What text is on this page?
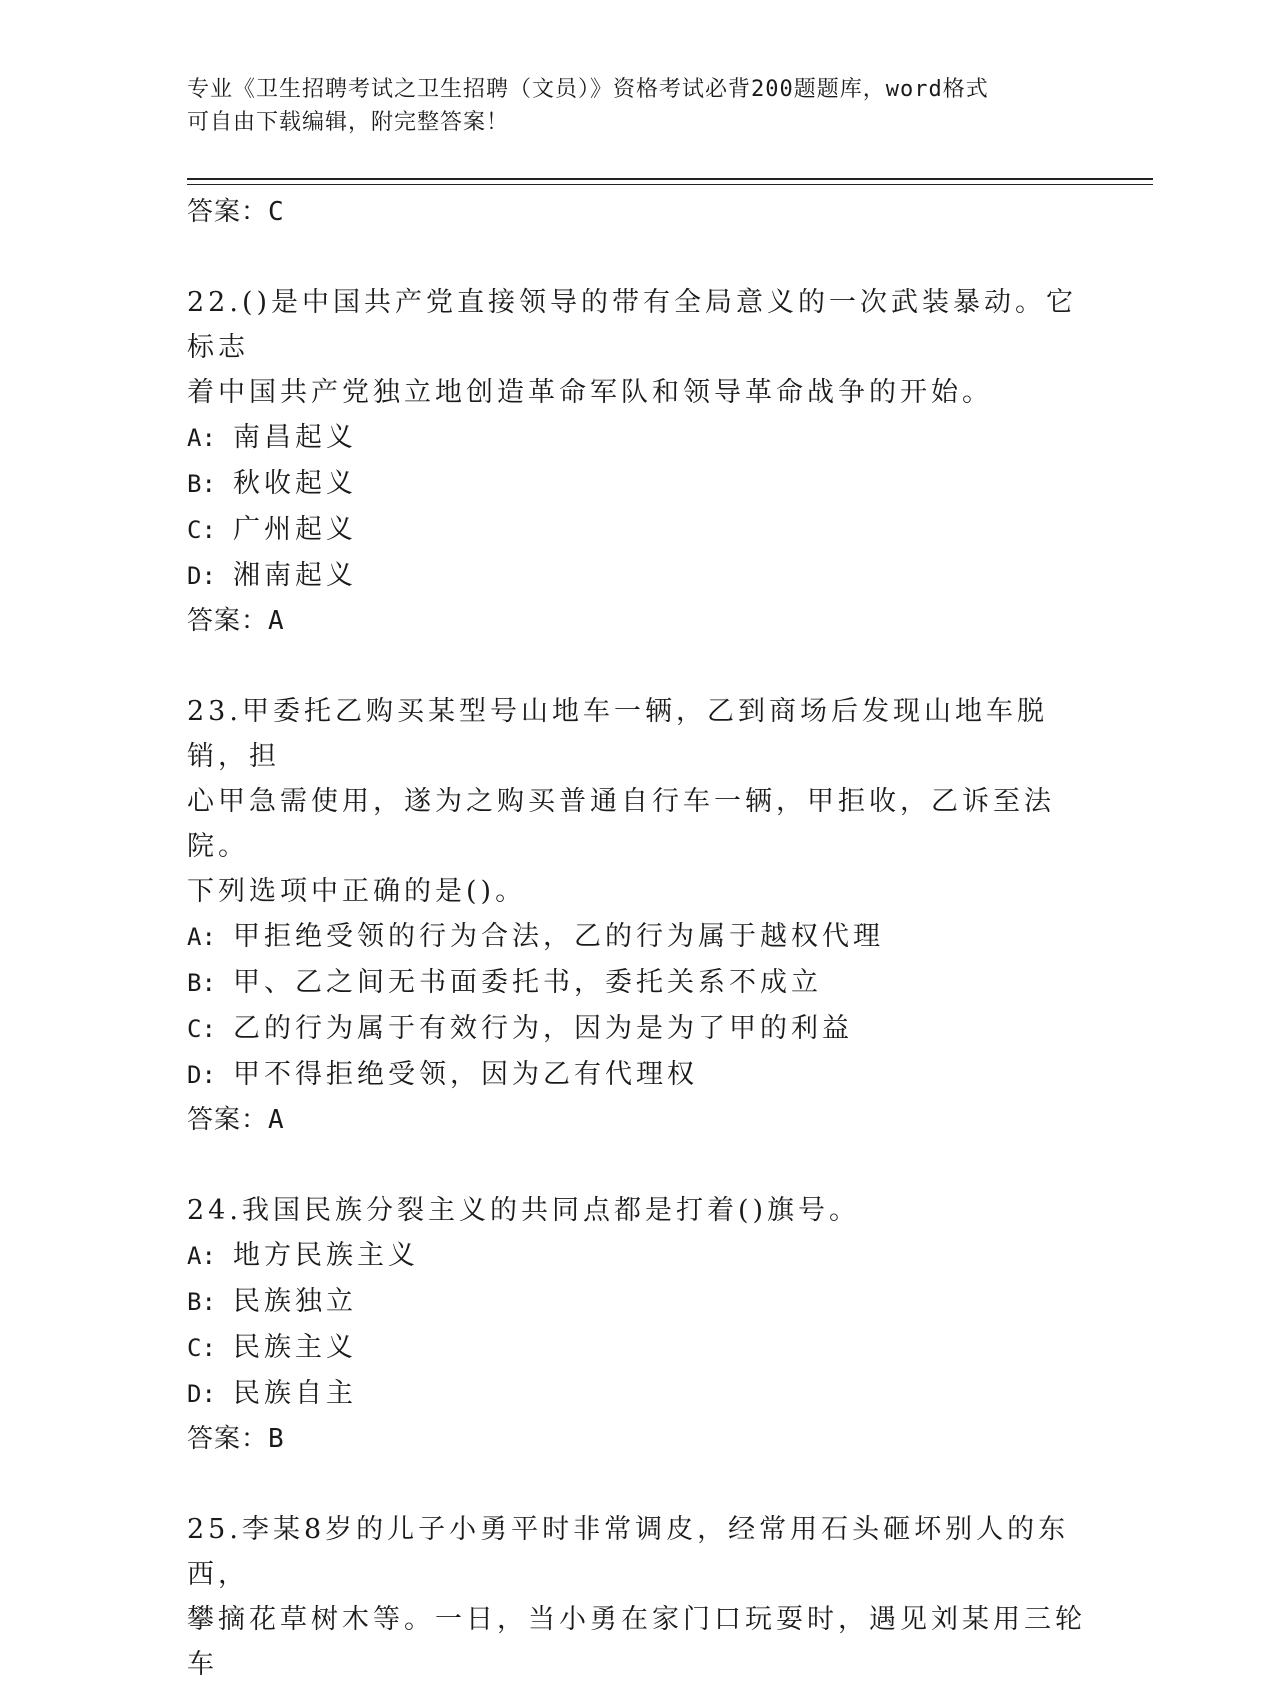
专业《卫生招聘考试之卫生招聘（文员）》资格考试必背200题题库，word格式
可自由下载编辑，附完整答案！
答案：C
22.()是中国共产党直接领导的带有全局意义的一次武装暴动。它标志
着中国共产党独立地创造革命军队和领导革命战争的开始。
A: 南昌起义
B: 秋收起义
C: 广州起义
D: 湘南起义
答案：A
23.甲委托乙购买某型号山地车一辆，乙到商场后发现山地车脱销，担
心甲急需使用，遂为之购买普通自行车一辆，甲拒收，乙诉至法院。
下列选项中正确的是()。
A: 甲拒绝受领的行为合法，乙的行为属于越权代理
B: 甲、乙之间无书面委托书，委托关系不成立
C: 乙的行为属于有效行为，因为是为了甲的利益
D: 甲不得拒绝受领，因为乙有代理权
答案：A
24.我国民族分裂主义的共同点都是打着()旗号。
A: 地方民族主义
B: 民族独立
C: 民族主义
D: 民族自主
答案：B
25.李某8岁的儿子小勇平时非常调皮，经常用石头砸坏别人的东西，
攀摘花草树木等。一日，当小勇在家门口玩耍时，遇见刘某用三轮车
